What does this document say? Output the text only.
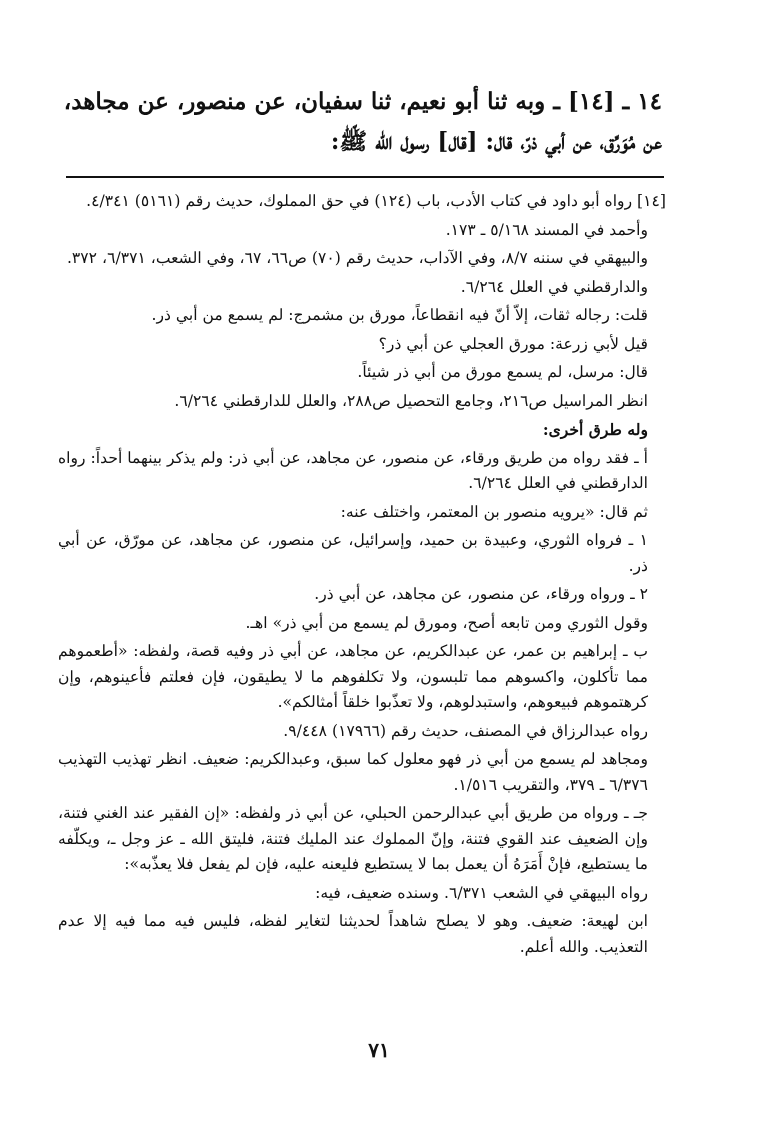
١٤ ـ [١٤] ـ وبه ثنا أبو نعيم، ثنا سفيان، عن منصور، عن مجاهد،

عن مُوَرِّق، عن أبي ذرّ، قال: [قال] رسول الله ﷺ:

[١٤] رواه أبو داود في كتاب الأدب، باب (١٢٤) في حق المملوك، حديث رقم (٥١٦١) ٤/٣٤١.

وأحمد في المسند ٥/١٦٨ ـ ١٧٣.

والبيهقي في سننه ٨/٧، وفي الآداب، حديث رقم (٧٠) ص٦٦، ٦٧، وفي الشعب، ٦/٣٧١، ٣٧٢.

والدارقطني في العلل ٦/٢٦٤.

قلت: رجاله ثقات، إلاّ أنّ فيه انقطاعاً، مورق بن مشمرج: لم يسمع من أبي ذر.

قيل لأبي زرعة: مورق العجلي عن أبي ذر؟

قال: مرسل، لم يسمع مورق من أبي ذر شيئاً.

انظر المراسيل ص٢١٦، وجامع التحصيل ص٢٨٨، والعلل للدارقطني ٦/٢٦٤.

وله طرق أخرى:

أ ـ فقد رواه من طريق ورقاء، عن منصور، عن مجاهد، عن أبي ذر: ولم يذكر بينهما أحداً: رواه الدارقطني في العلل ٦/٢٦٤.

ثم قال: «يرويه منصور بن المعتمر، واختلف عنه:

١ ـ فرواه الثوري، وعبيدة بن حميد، وإسرائيل، عن منصور، عن مجاهد، عن مورّق، عن أبي ذر.

٢ ـ ورواه ورقاء، عن منصور، عن مجاهد، عن أبي ذر.

وقول الثوري ومن تابعه أصح، ومورق لم يسمع من أبي ذر» اهـ.

ب ـ إبراهيم بن عمر، عن عبدالكريم، عن مجاهد، عن أبي ذر وفيه قصة، ولفظه: «أطعموهم مما تأكلون، واكسوهم مما تلبسون، ولا تكلفوهم ما لا يطيقون، فإن فعلتم فأعينوهم، وإن كرهتموهم فبيعوهم، واستبدلوهم، ولا تعذّبوا خلقاً أمثالكم».

رواه عبدالرزاق في المصنف، حديث رقم (١٧٩٦٦) ٩/٤٤٨.

ومجاهد لم يسمع من أبي ذر فهو معلول كما سبق، وعبدالكريم: ضعيف. انظر تهذيب التهذيب ٦/٣٧٦ ـ ٣٧٩، والتقريب ١/٥١٦.

جـ ـ ورواه من طريق أبي عبدالرحمن الحبلي، عن أبي ذر ولفظه: «إن الفقير عند الغني فتنة، وإن الضعيف عند القوي فتنة، وإنّ المملوك عند المليك فتنة، فليتق الله ـ عز وجل ـ، ويكلّفه ما يستطيع، فإنْ أَمَرَهُ أن يعمل بما لا يستطيع فليعنه عليه، فإن لم يفعل فلا يعذّبه»:

رواه البيهقي في الشعب ٦/٣٧١. وسنده ضعيف، فيه:

ابن لهيعة: ضعيف. وهو لا يصلح شاهداً لحديثنا لتغاير لفظه، فليس فيه مما فيه إلا عدم التعذيب. والله أعلم.

٧١
